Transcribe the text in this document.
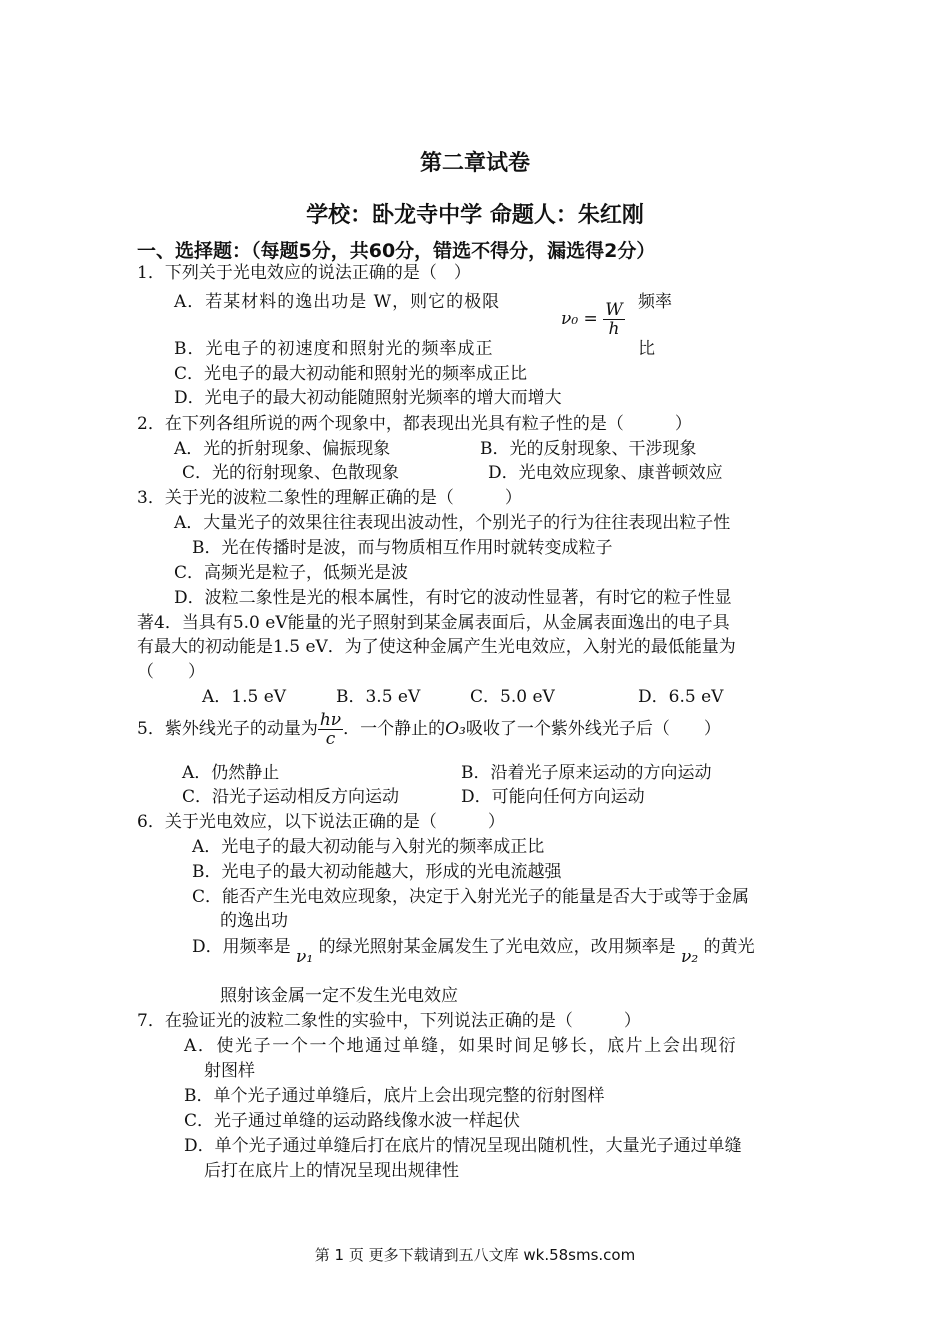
第二章试卷
学校：卧龙寺中学 命题人：朱红刚
一、选择题：（每题5分，共60分，错选不得分，漏选得2分）
1．下列关于光电效应的说法正确的是（　）
A．若某材料的逸出功是 W，则它的极限
$\nu_0 = \frac{W}{h}$ 频率
B．光电子的初速度和照射光的频率成正	比
C．光电子的最大初动能和照射光的频率成正比
D．光电子的最大初动能随照射光频率的增大而增大
2．在下列各组所说的两个现象中，都表现出光具有粒子性的是（　　　）
A．光的折射现象、偏振现象	B．光的反射现象、干涉现象
C．光的衍射现象、色散现象	D．光电效应现象、康普顿效应
3．关于光的波粒二象性的理解正确的是（　　　）
A．大量光子的效果往往表现出波动性，个别光子的行为往往表现出粒子性
B．光在传播时是波，而与物质相互作用时就转变成粒子
C．高频光是粒子，低频光是波
D．波粒二象性是光的根本属性，有时它的波动性显著，有时它的粒子性显
著4．当具有5.0 eV能量的光子照射到某金属表面后，从金属表面逸出的电子具
有最大的初动能是1.5 eV．为了使这种金属产生光电效应，入射光的最低能量为
（　　）
A．1.5 eV	B．3.5 eV	C．5.0 eV	D．6.5 eV
5．紫外线光子的动量为 $\frac{h\nu}{c}$ ．一个静止的O₃吸收了一个紫外线光子后（　　）
A．仍然静止	B．沿着光子原来运动的方向运动
C．沿光子运动相反方向运动	D．可能向任何方向运动
6．关于光电效应，以下说法正确的是（　　　）
A．光电子的最大初动能与入射光的频率成正比
B．光电子的最大初动能越大，形成的光电流越强
C．能否产生光电效应现象，决定于入射光光子的能量是否大于或等于金属
的逸出功
D．用频率是 ν₁ 的绿光照射某金属发生了光电效应，改用频率是 ν₂ 的黄光
照射该金属一定不发生光电效应
7．在验证光的波粒二象性的实验中，下列说法正确的是（　　　）
A．使光子一个一个地通过单缝，如果时间足够长，底片上会出现衍
射图样
B．单个光子通过单缝后，底片上会出现完整的衍射图样
C．光子通过单缝的运动路线像水波一样起伏
D．单个光子通过单缝后打在底片的情况呈现出随机性，大量光子通过单缝
后打在底片上的情况呈现出规律性
第 1 页 更多下载请到五八文库 wk.58sms.com
